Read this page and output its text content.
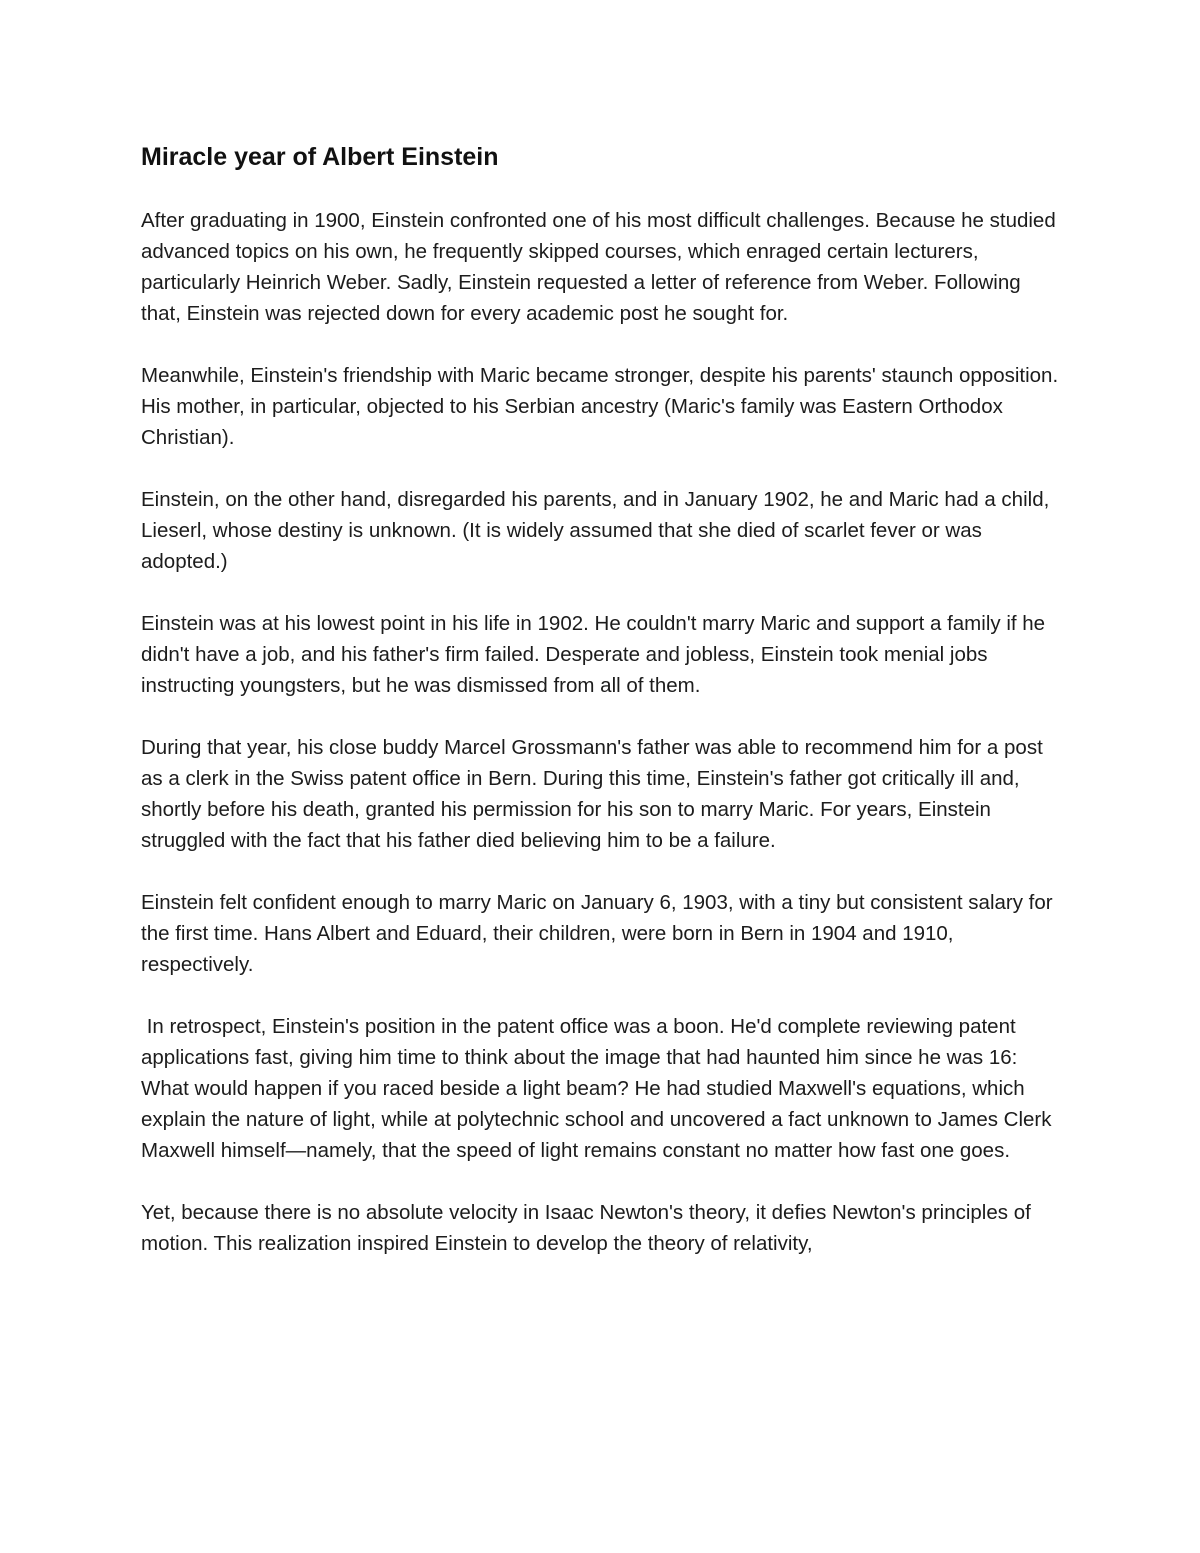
Miracle year of Albert Einstein

After graduating in 1900, Einstein confronted one of his most difficult challenges. Because he studied advanced topics on his own, he frequently skipped courses, which enraged certain lecturers, particularly Heinrich Weber. Sadly, Einstein requested a letter of reference from Weber. Following that, Einstein was rejected down for every academic post he sought for.

Meanwhile, Einstein's friendship with Maric became stronger, despite his parents' staunch opposition. His mother, in particular, objected to his Serbian ancestry (Maric's family was Eastern Orthodox Christian).

Einstein, on the other hand, disregarded his parents, and in January 1902, he and Maric had a child, Lieserl, whose destiny is unknown. (It is widely assumed that she died of scarlet fever or was adopted.)

Einstein was at his lowest point in his life in 1902. He couldn't marry Maric and support a family if he didn't have a job, and his father's firm failed. Desperate and jobless, Einstein took menial jobs instructing youngsters, but he was dismissed from all of them.

During that year, his close buddy Marcel Grossmann's father was able to recommend him for a post as a clerk in the Swiss patent office in Bern. During this time, Einstein's father got critically ill and, shortly before his death, granted his permission for his son to marry Maric. For years, Einstein struggled with the fact that his father died believing him to be a failure.

Einstein felt confident enough to marry Maric on January 6, 1903, with a tiny but consistent salary for the first time. Hans Albert and Eduard, their children, were born in Bern in 1904 and 1910, respectively.

In retrospect, Einstein's position in the patent office was a boon. He'd complete reviewing patent applications fast, giving him time to think about the image that had haunted him since he was 16: What would happen if you raced beside a light beam? He had studied Maxwell's equations, which explain the nature of light, while at polytechnic school and uncovered a fact unknown to James Clerk Maxwell himself—namely, that the speed of light remains constant no matter how fast one goes.

Yet, because there is no absolute velocity in Isaac Newton's theory, it defies Newton's principles of motion. This realization inspired Einstein to develop the theory of relativity,
